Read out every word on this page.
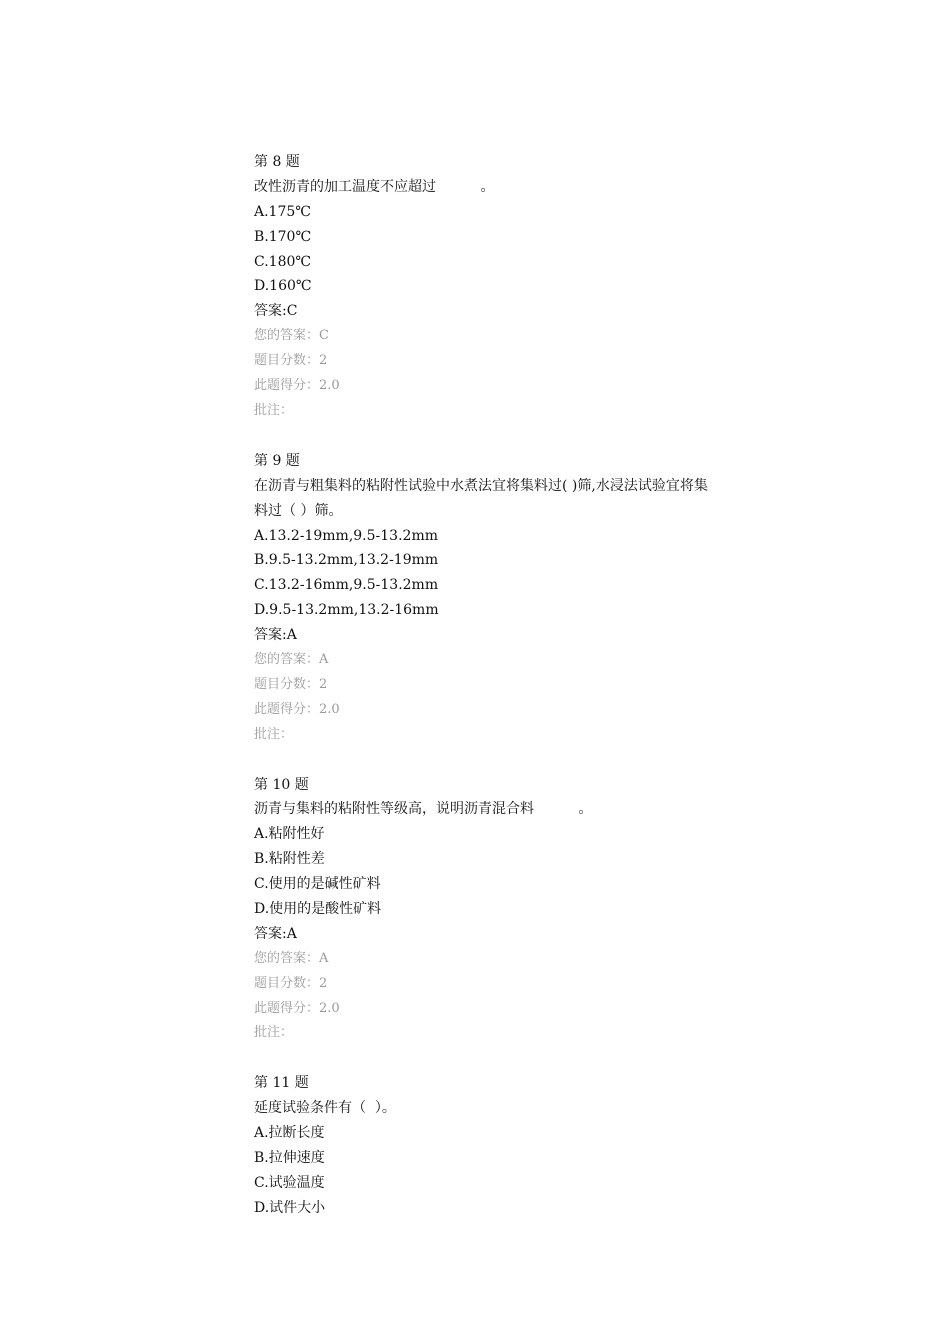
第 8 题
改性沥青的加工温度不应超过          。
A.175℃
B.170℃
C.180℃
D.160℃
答案:C
您的答案：C
题目分数：2
此题得分：2.0
批注：
第 9 题
在沥青与粗集料的粘附性试验中水煮法宜将集料过( )筛,水浸法试验宜将集料过（ ）筛。
A.13.2-19mm,9.5-13.2mm
B.9.5-13.2mm,13.2-19mm
C.13.2-16mm,9.5-13.2mm
D.9.5-13.2mm,13.2-16mm
答案:A
您的答案：A
题目分数：2
此题得分：2.0
批注：
第 10 题
沥青与集料的粘附性等级高，说明沥青混合料          。
A.粘附性好
B.粘附性差
C.使用的是碱性矿料
D.使用的是酸性矿料
答案:A
您的答案：A
题目分数：2
此题得分：2.0
批注：
第 11 题
延度试验条件有（  ）。
A.拉断长度
B.拉伸速度
C.试验温度
D.试件大小
